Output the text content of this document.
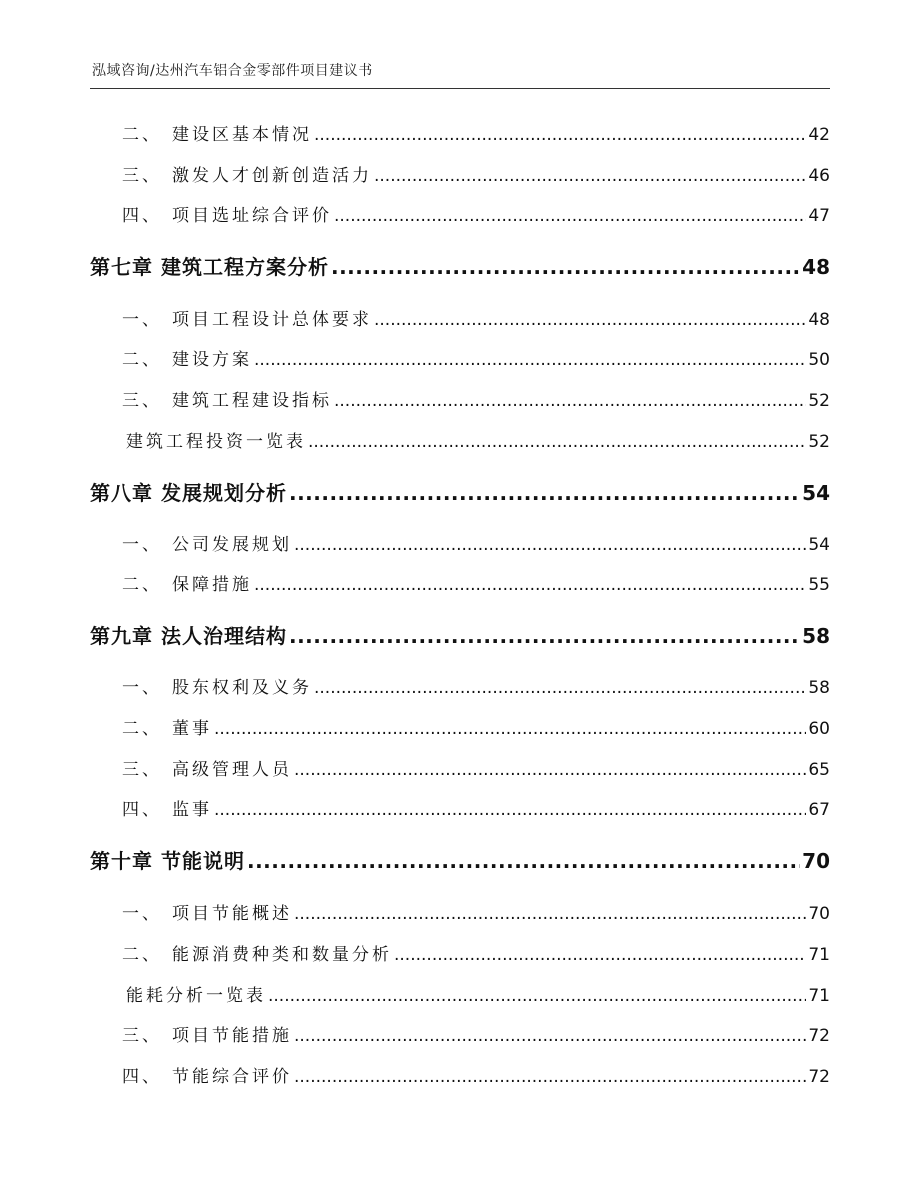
泓域咨询/达州汽车铝合金零部件项目建议书
二、 建设区基本情况 .....	42
三、 激发人才创新创造活力 .....	46
四、 项目选址综合评价 .....	47
第七章 建筑工程方案分析 .....	48
一、 项目工程设计总体要求 .....	48
二、 建设方案 .....	50
三、 建筑工程建设指标 .....	52
建筑工程投资一览表 .....	52
第八章 发展规划分析 .....	54
一、 公司发展规划 .....	54
二、 保障措施 .....	55
第九章 法人治理结构 .....	58
一、 股东权利及义务 .....	58
二、 董事 .....	60
三、 高级管理人员 .....	65
四、 监事 .....	67
第十章 节能说明 .....	70
一、 项目节能概述 .....	70
二、 能源消费种类和数量分析 .....	71
能耗分析一览表 .....	71
三、 项目节能措施 .....	72
四、 节能综合评价 .....	72
